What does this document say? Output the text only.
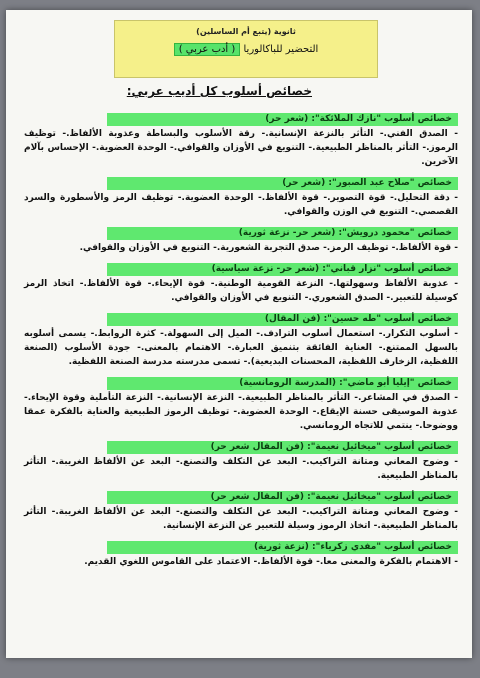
ثانوية (يتبع أم الساسلين)
التحضير للباكالوريا ( أدب عربي )
خصائص أسلوب كل أديب عربي:
خصائص أسلوب "نازك الملائكة": (شعر حر)
- الصدق الفني.- التأثر بالنزعة الإنسانية.- رقة الأسلوب والبساطة وعذوبة الألفاظ.- توظيف الرموز.- التأثر بالمناظر الطبيعية.- التنويع في الأوزان والقوافي.- الوحدة العضوية.- الإحساس بآلام الآخرين.
خصائص "صلاح عبد الصبور": (شعر حر)
- دقة التحليل.- قوة التصوير.- قوة الألفاظ.- الوحدة العضوية.- توظيف الرمز والأسطورة والسرد القصصي.- التنويع في الوزن والقوافي.
خصائص "محمود درويش": (شعر حر- نزعة ثورية)
- قوة الألفاظ.- توظيف الرمز.- صدق التجربة الشعورية.- التنويع في الأوزان والقوافي.
خصائص أسلوب "نزار قباني": (شعر حر- نزعة سياسية)
- عذوبة الألفاظ وسهولتها.- النزعة القومية الوطنية.- قوة الإيحاء.- قوة الألفاظ.- اتخاذ الرمز كوسيلة للتعبير.- الصدق الشعوري.- التنويع في الأوزان والقوافي.
خصائص أسلوب "طه حسين": (فن المقال)
- أسلوب التكرار.- استعمال أسلوب الترادف.- الميل إلى السهولة.- كثرة الروابط.- يسمى أسلوبه بالسهل الممتنع.- العناية الفائقة بتنميق العبارة.- الاهتمام بالمعنى.- جودة الأسلوب (الصنعة اللفظية، الزخارف اللفظية، المحسنات البديعية).- تسمى مدرسته مدرسة الصنعة اللفظية.
خصائص "إيليا أبو ماضي": (المدرسة الرومانسية)
- الصدق في المشاعر.- التأثر بالمناظر الطبيعية.- النزعة الإنسانية.- النزعة التأملية وقوة الإيحاء.- عذوبة الموسيقى حسنة الإيقاع.- الوحدة العضوية.- توظيف الرموز الطبيعية والعناية بالفكرة عمقا ووضوحا.- ينتمي للاتجاه الرومانسي.
خصائص أسلوب "ميخائيل نعيمة": (فن المقال شعر حر)
- وضوح المعاني ومتانة التراكيب.- البعد عن التكلف والتصنع.- البعد عن الألفاظ الغريبة.- التأثر بالمناظر الطبيعية.
خصائص أسلوب "ميخائيل نعيمة": (فن المقال شعر حر)
- وضوح المعاني ومتانة التراكيب.- البعد عن التكلف والتصنع.- البعد عن الألفاظ الغريبة.- التأثر بالمناظر الطبيعية.- اتخاذ الرموز وسيلة للتعبير عن النزعة الإنسانية.
خصائص أسلوب "مفدي زكرياء": (نزعة ثورية)
- الاهتمام بالفكرة والمعنى معا.- قوة الألفاظ.- الاعتماد على القاموس اللغوي القديم.
